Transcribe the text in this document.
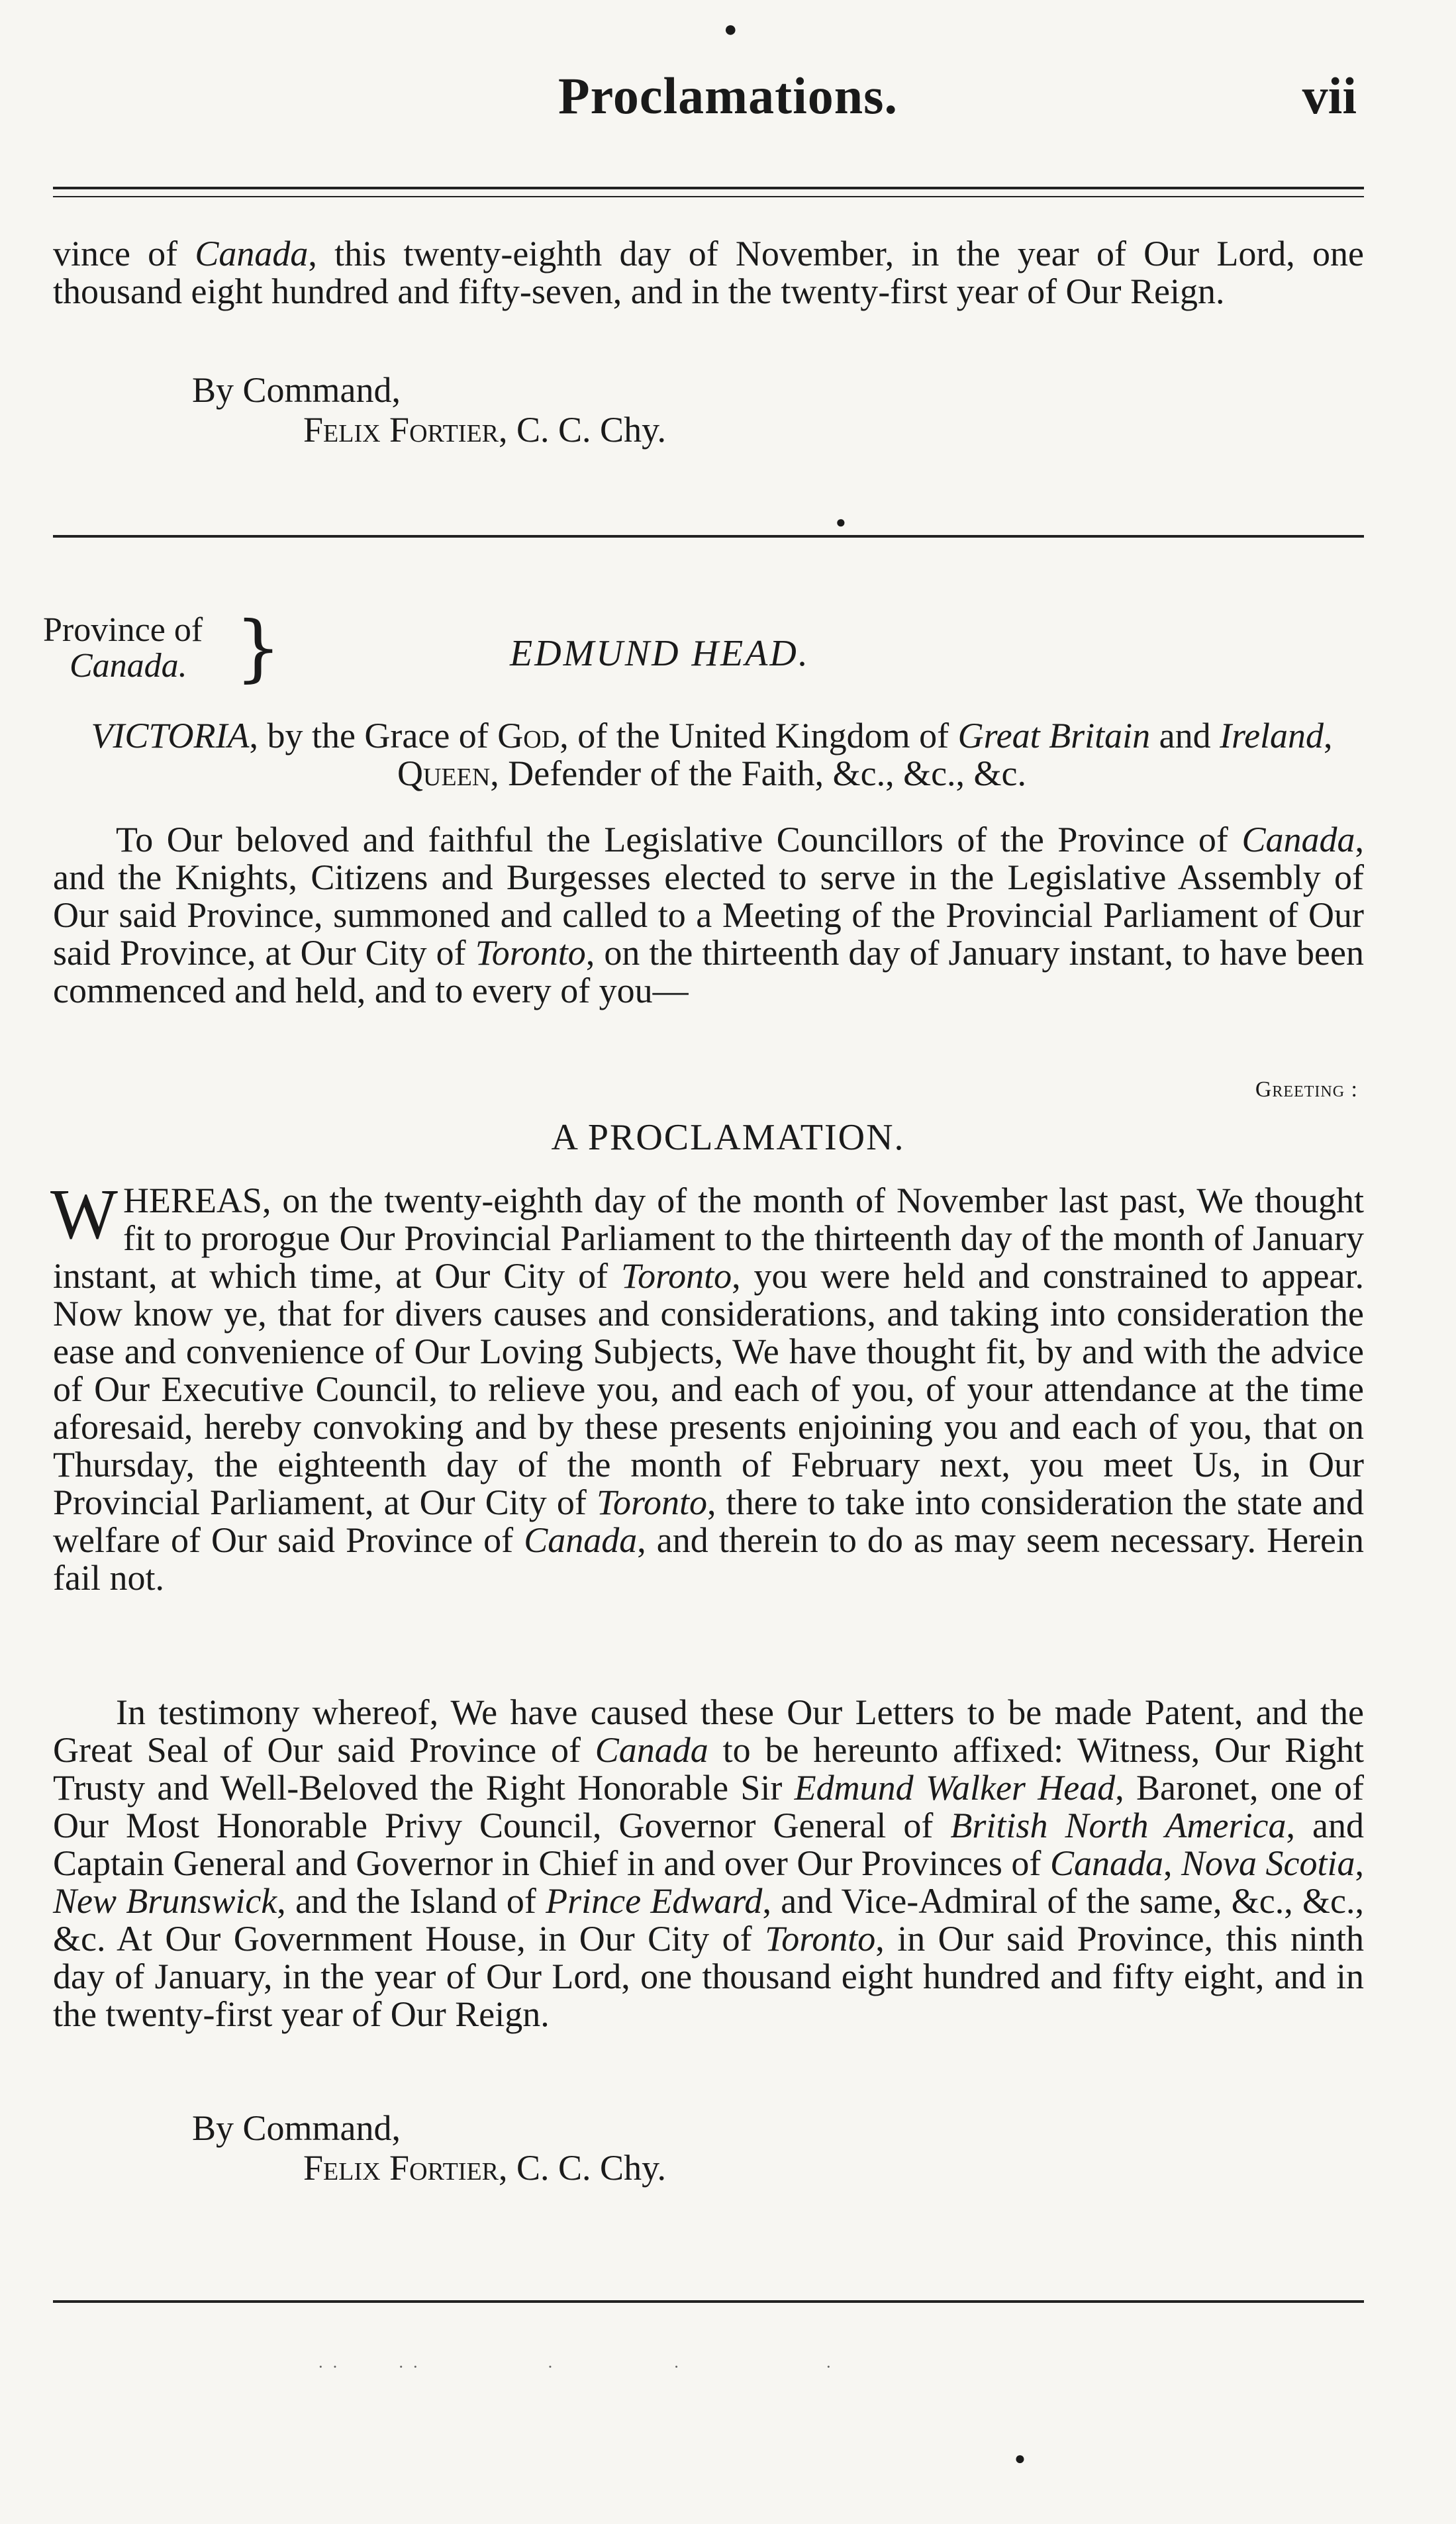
●
Proclamations.	vii

vince of Canada, this twenty-eighth day of November, in the year of Our Lord, one thousand eight hundred and fifty-seven, and in the twenty-first year of Our Reign.

By Command,

Felix Fortier, C. C. Chy.

●
Province of
Canada. }	EDMUND HEAD.

VICTORIA, by the Grace of God, of the United Kingdom of Great Britain and Ireland, Queen, Defender of the Faith, &c., &c., &c.

To Our beloved and faithful the Legislative Councillors of the Province of Canada, and the Knights, Citizens and Burgesses elected to serve in the Legislative Assembly of Our said Province, summoned and called to a Meeting of the Provincial Parliament of Our said Province, at Our City of Toronto, on the thirteenth day of January instant, to have been commenced and held, and to every of you—

Greeting :
A PROCLAMATION.

WHEREAS, on the twenty-eighth day of the month of November last past, We thought fit to prorogue Our Provincial Parliament to the thirteenth day of the month of January instant, at which time, at Our City of Toronto, you were held and constrained to appear. Now know ye, that for divers causes and considerations, and taking into consideration the ease and convenience of Our Loving Subjects, We have thought fit, by and with the advice of Our Executive Council, to relieve you, and each of you, of your attendance at the time aforesaid, hereby convoking and by these presents enjoining you and each of you, that on Thursday, the eighteenth day of the month of February next, you meet Us, in Our Provincial Parliament, at Our City of Toronto, there to take into consideration the state and welfare of Our said Province of Canada, and therein to do as may seem necessary. Herein fail not.

In testimony whereof, We have caused these Our Letters to be made Patent, and the Great Seal of Our said Province of Canada to be hereunto affixed: Witness, Our Right Trusty and Well-Beloved the Right Honorable Sir Edmund Walker Head, Baronet, one of Our Most Honorable Privy Council, Governor General of British North America, and Captain General and Governor in Chief in and over Our Provinces of Canada, Nova Scotia, New Brunswick, and the Island of Prince Edward, and Vice-Admiral of the same, &c., &c., &c. At Our Government House, in Our City of Toronto, in Our said Province, this ninth day of January, in the year of Our Lord, one thousand eight hundred and fifty eight, and in the twenty-first year of Our Reign.

By Command,

Felix Fortier, C. C. Chy.

·  ·              ·  ·                              ·                            ·                                  ·
●
